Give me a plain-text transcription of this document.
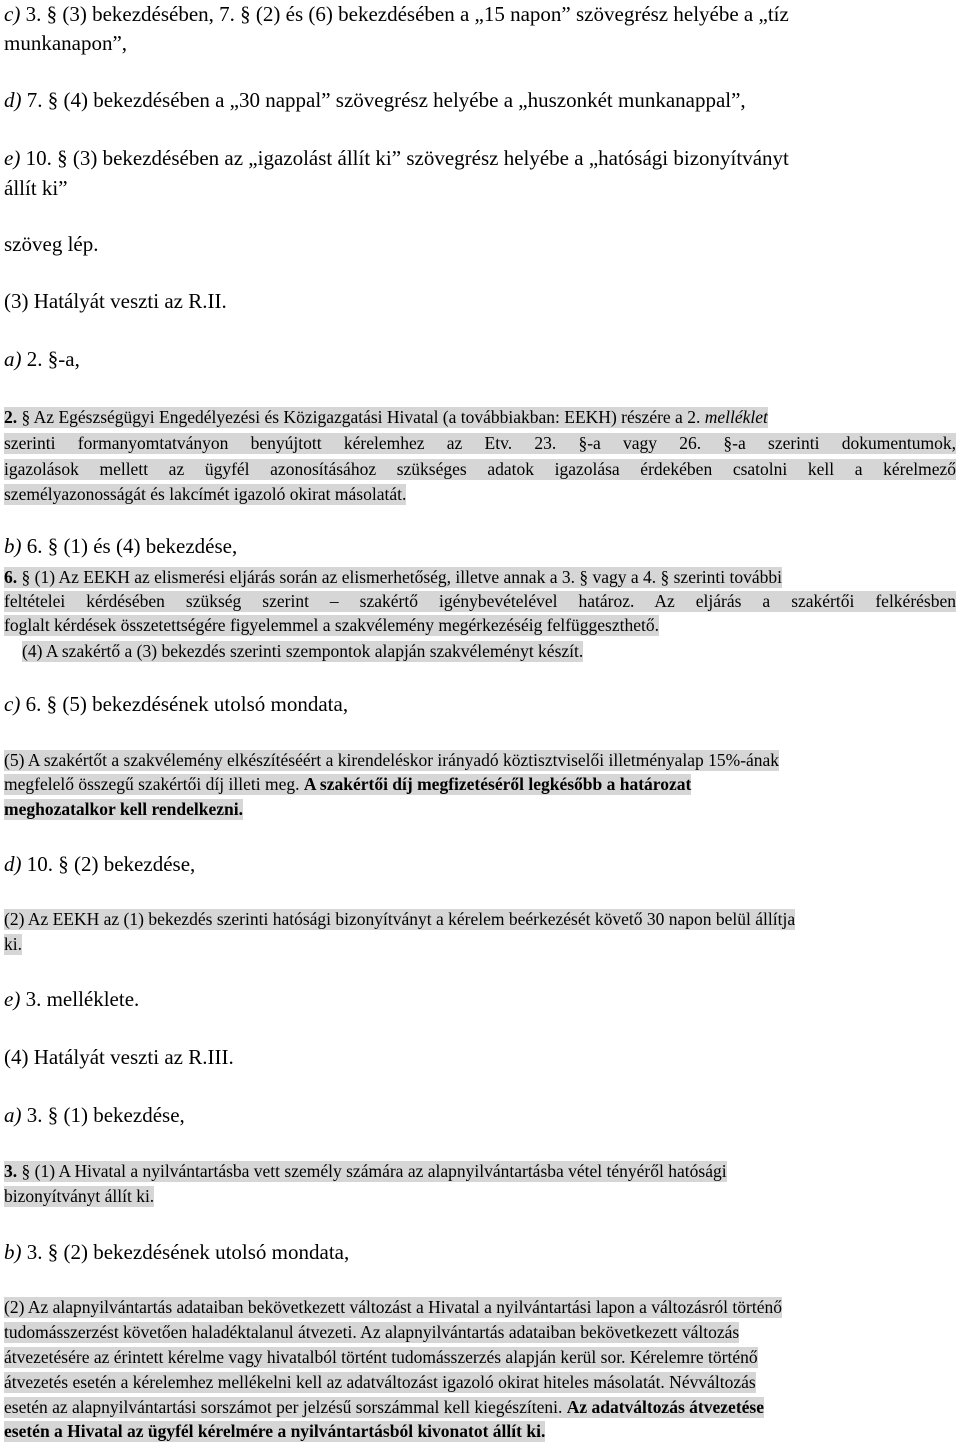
c) 3. § (3) bekezdésében, 7. § (2) és (6) bekezdésében a „15 napon” szövegrész helyébe a „tíz
munkanapon”,
d) 7. § (4) bekezdésében a „30 nappal” szövegrész helyébe a „huszonkét munkanappal”,
e) 10. § (3) bekezdésében az „igazolást állít ki” szövegrész helyébe a „hatósági bizonyítványt
állít ki”
szöveg lép.
(3) Hatályát veszti az R.II.
a) 2. §-a,
2. § Az Egészségügyi Engedélyezési és Közigazgatási Hivatal (a továbbiakban: EEKH) részére a 2. melléklet
szerinti formanyomtatványon benyújtott kérelemhez az Etv. 23. §-a vagy 26. §-a szerinti dokumentumok,
igazolások mellett az ügyfél azonosításához szükséges adatok igazolása érdekében csatolni kell a kérelmező
személyazonosságát és lakcímét igazoló okirat másolatát.
b) 6. § (1) és (4) bekezdése,
6. § (1) Az EEKH az elismerési eljárás során az elismerhetőség, illetve annak a 3. § vagy a 4. § szerinti további
feltételei kérdésében szükség szerint – szakértő igénybevételével határoz. Az eljárás a szakértői felkérésben
foglalt kérdések összetettségére figyelemmel a szakvélemény megérkezéséig felfüggeszthető.
(4) A szakértő a (3) bekezdés szerinti szempontok alapján szakvéleményt készít.
c) 6. § (5) bekezdésének utolsó mondata,
(5) A szakértőt a szakvélemény elkészítéséért a kirendeléskor irányadó köztisztviselői illetményalap 15%-ának
megfelelő összegű szakértői díj illeti meg. A szakértői díj megfizetéséről legkésőbb a határozat
meghozatalkor kell rendelkezni.
d) 10. § (2) bekezdése,
(2) Az EEKH az (1) bekezdés szerinti hatósági bizonyítványt a kérelem beérkezését követő 30 napon belül állítja
ki.
e) 3. melléklete.
(4) Hatályát veszti az R.III.
a) 3. § (1) bekezdése,
3. § (1) A Hivatal a nyilvántartásba vett személy számára az alapnyilvántartásba vétel tényéről hatósági
bizonyítványt állít ki.
b) 3. § (2) bekezdésének utolsó mondata,
(2) Az alapnyilvántartás adataiban bekövetkezett változást a Hivatal a nyilvántartási lapon a változásról történő
tudomásszerzést követően haladéktalanul átvezeti. Az alapnyilvántartás adataiban bekövetkezett változás
átvezetésére az érintett kérelme vagy hivatalból történt tudomásszerzés alapján kerül sor. Kérelemre történő
átvezetés esetén a kérelemhez mellékelni kell az adatváltozást igazoló okirat hiteles másolatát. Névváltozás
esetén az alapnyilvántartási sorszámot per jelzésű sorszámmal kell kiegészíteni. Az adatváltozás átvezetése
esetén a Hivatal az ügyfél kérelmére a nyilvántartásból kivonatot állít ki.
